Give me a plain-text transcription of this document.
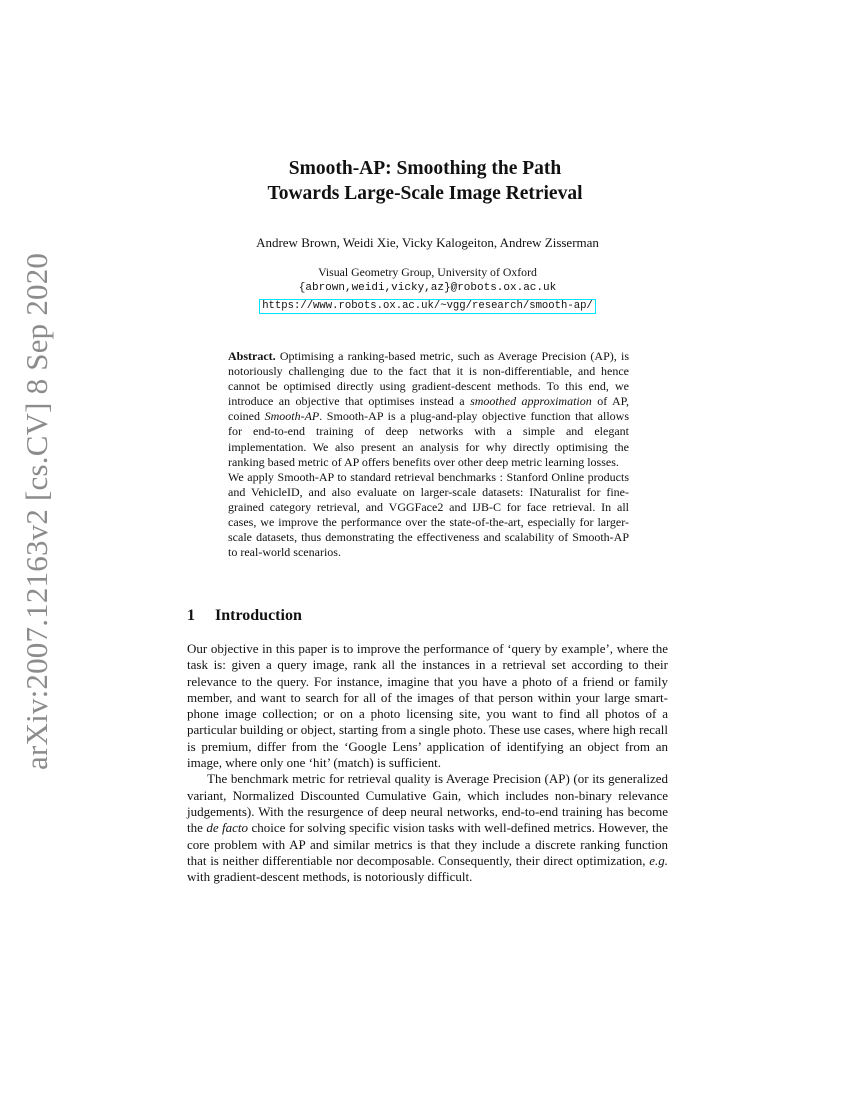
arXiv:2007.12163v2 [cs.CV] 8 Sep 2020
Smooth-AP: Smoothing the Path
Towards Large-Scale Image Retrieval
Andrew Brown, Weidi Xie, Vicky Kalogeiton, Andrew Zisserman
Visual Geometry Group, University of Oxford
{abrown,weidi,vicky,az}@robots.ox.ac.uk
https://www.robots.ox.ac.uk/~vgg/research/smooth-ap/

Abstract. Optimising a ranking-based metric, such as Average Precision (AP), is notoriously challenging due to the fact that it is non-differentiable, and hence cannot be optimised directly using gradient-descent methods. To this end, we introduce an objective that optimises instead a smoothed approximation of AP, coined Smooth-AP. Smooth-AP is a plug-and-play objective function that allows for end-to-end training of deep networks with a simple and elegant implementation. We also present an analysis for why directly optimising the ranking based metric of AP offers benefits over other deep metric learning losses.

We apply Smooth-AP to standard retrieval benchmarks : Stanford Online products and VehicleID, and also evaluate on larger-scale datasets: INaturalist for fine-grained category retrieval, and VGGFace2 and IJB-C for face retrieval. In all cases, we improve the performance over the state-of-the-art, especially for larger-scale datasets, thus demonstrating the effectiveness and scalability of Smooth-AP to real-world scenarios.

1 Introduction

Our objective in this paper is to improve the performance of ‘query by example’, where the task is: given a query image, rank all the instances in a retrieval set according to their relevance to the query. For instance, imagine that you have a photo of a friend or family member, and want to search for all of the images of that person within your large smart-phone image collection; or on a photo licensing site, you want to find all photos of a particular building or object, starting from a single photo. These use cases, where high recall is premium, differ from the ‘Google Lens’ application of identifying an object from an image, where only one ‘hit’ (match) is sufficient.

The benchmark metric for retrieval quality is Average Precision (AP) (or its generalized variant, Normalized Discounted Cumulative Gain, which includes non-binary relevance judgements). With the resurgence of deep neural networks, end-to-end training has become the de facto choice for solving specific vision tasks with well-defined metrics. However, the core problem with AP and similar metrics is that they include a discrete ranking function that is neither differentiable nor decomposable. Consequently, their direct optimization, e.g. with gradient-descent methods, is notoriously difficult.
